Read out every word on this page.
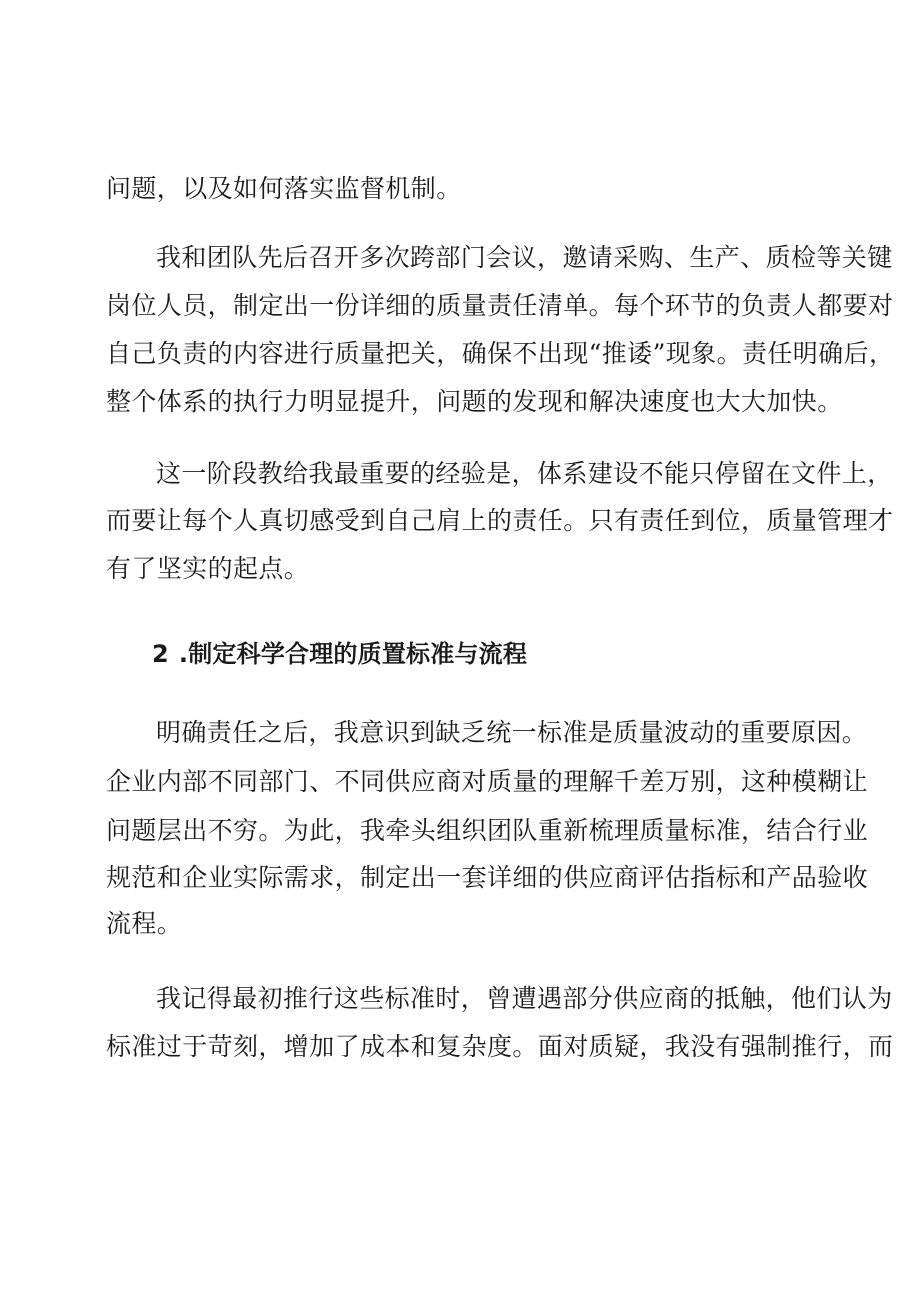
问题，以及如何落实监督机制。
我和团队先后召开多次跨部门会议，邀请采购、生产、质检等关键
岗位人员，制定出一份详细的质量责任清单。每个环节的负责人都要对
自己负责的内容进行质量把关，确保不出现“推诿”现象。责任明确后，
整个体系的执行力明显提升，问题的发现和解决速度也大大加快。
这一阶段教给我最重要的经验是，体系建设不能只停留在文件上，
而要让每个人真切感受到自己肩上的责任。只有责任到位，质量管理才
有了坚实的起点。
2 .制定科学合理的质置标准与流程
明确责任之后，我意识到缺乏统一标准是质量波动的重要原因。
企业内部不同部门、不同供应商对质量的理解千差万别，这种模糊让
问题层出不穷。为此，我牵头组织团队重新梳理质量标准，结合行业
规范和企业实际需求，制定出一套详细的供应商评估指标和产品验收
流程。
我记得最初推行这些标准时，曾遭遇部分供应商的抵触，他们认为
标准过于苛刻，增加了成本和复杂度。面对质疑，我没有强制推行，而
